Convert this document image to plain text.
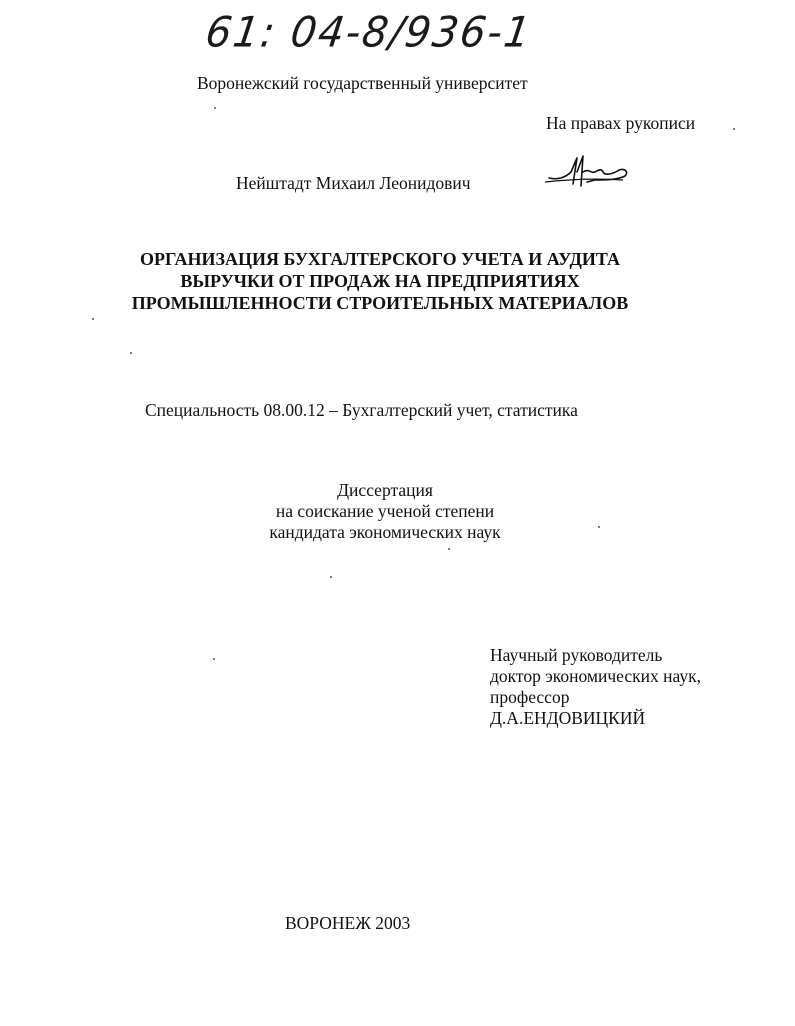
61: 04-8/936-1
Воронежский государственный университет
На правах рукописи
Нейштадт Михаил Леонидович
ОРГАНИЗАЦИЯ БУХГАЛТЕРСКОГО УЧЕТА И АУДИТА
ВЫРУЧКИ ОТ ПРОДАЖ НА ПРЕДПРИЯТИЯХ
ПРОМЫШЛЕННОСТИ СТРОИТЕЛЬНЫХ МАТЕРИАЛОВ
Специальность 08.00.12 – Бухгалтерский учет, статистика
Диссертация
на соискание ученой степени
кандидата экономических наук
Научный руководитель
доктор экономических наук,
профессор
Д.А.ЕНДОВИЦКИЙ
ВОРОНЕЖ 2003
